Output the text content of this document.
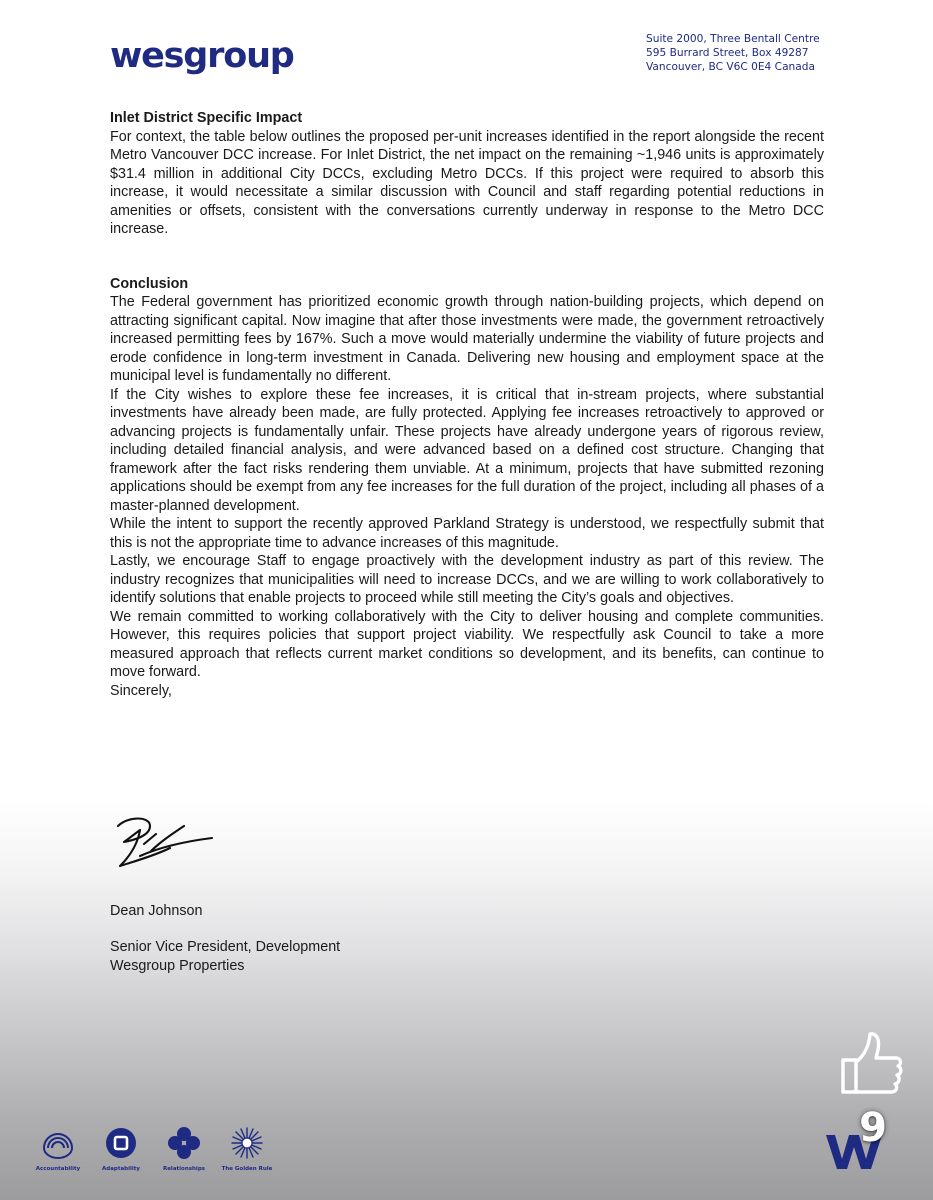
wesgroup	Suite 2000, Three Bentall Centre
595 Burrard Street, Box 49287
Vancouver, BC V6C 0E4 Canada

Inlet District Specific Impact

For context, the table below outlines the proposed per-unit increases identified in the report alongside the recent Metro Vancouver DCC increase. For Inlet District, the net impact on the remaining ~1,946 units is approximately $31.4 million in additional City DCCs, excluding Metro DCCs. If this project were required to absorb this increase, it would necessitate a similar discussion with Council and staff regarding potential reductions in amenities or offsets, consistent with the conversations currently underway in response to the Metro DCC increase.

Conclusion

The Federal government has prioritized economic growth through nation-building projects, which depend on attracting significant capital. Now imagine that after those investments were made, the government retroactively increased permitting fees by 167%. Such a move would materially undermine the viability of future projects and erode confidence in long-term investment in Canada. Delivering new housing and employment space at the municipal level is fundamentally no different.

If the City wishes to explore these fee increases, it is critical that in-stream projects, where substantial investments have already been made, are fully protected. Applying fee increases retroactively to approved or advancing projects is fundamentally unfair. These projects have already undergone years of rigorous review, including detailed financial analysis, and were advanced based on a defined cost structure. Changing that framework after the fact risks rendering them unviable. At a minimum, projects that have submitted rezoning applications should be exempt from any fee increases for the full duration of the project, including all phases of a master-planned development.

While the intent to support the recently approved Parkland Strategy is understood, we respectfully submit that this is not the appropriate time to advance increases of this magnitude.

Lastly, we encourage Staff to engage proactively with the development industry as part of this review. The industry recognizes that municipalities will need to increase DCCs, and we are willing to work collaboratively to identify solutions that enable projects to proceed while still meeting the City’s goals and objectives.

We remain committed to working collaboratively with the City to deliver housing and complete communities. However, this requires policies that support project viability. We respectfully ask Council to take a more measured approach that reflects current market conditions so development, and its benefits, can continue to move forward.

Sincerely,

Dean Johnson
Senior Vice President, Development
Wesgroup Properties
Accountability	Adaptability	Relationships	The Golden Rule
9
